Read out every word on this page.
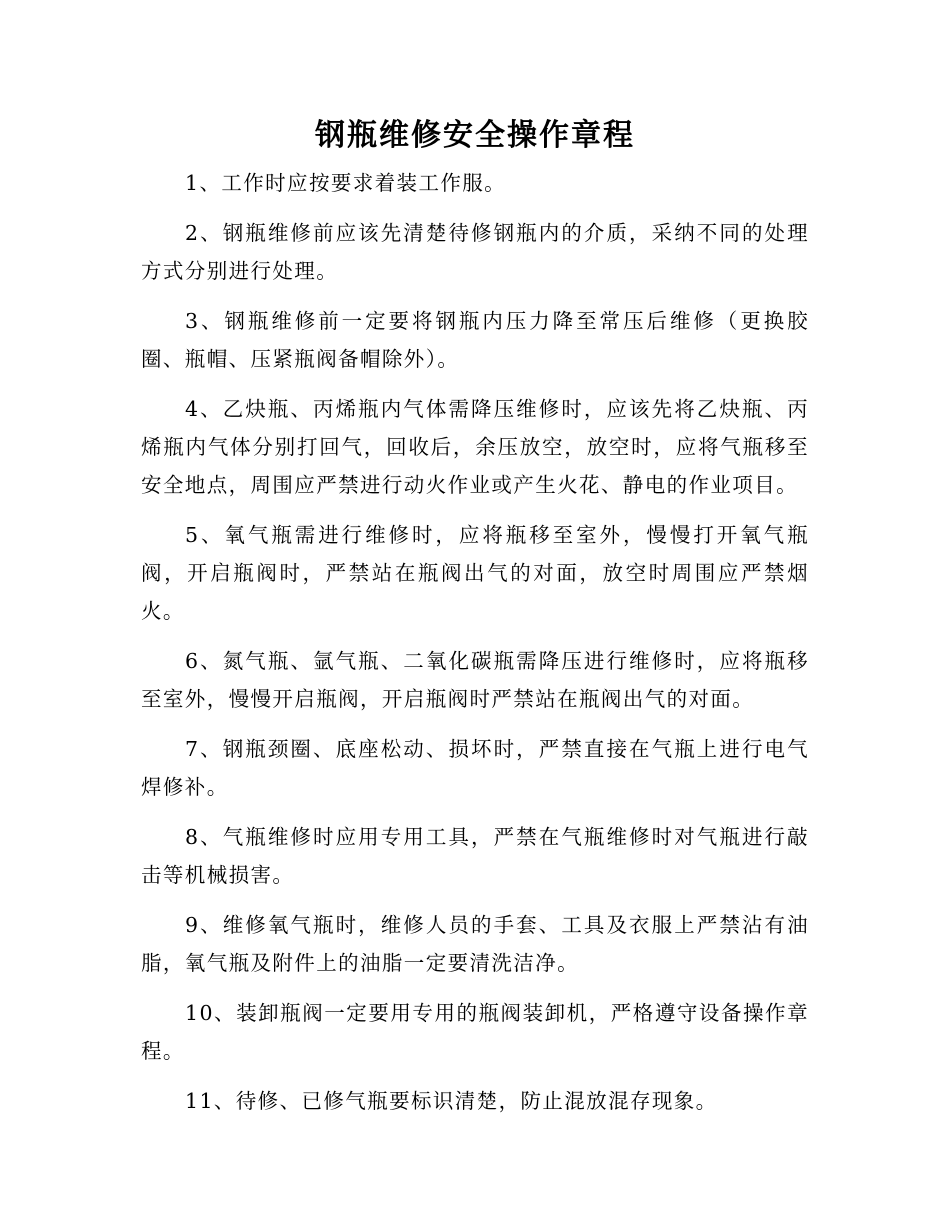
钢瓶维修安全操作章程

1、工作时应按要求着装工作服。

2、钢瓶维修前应该先清楚待修钢瓶内的介质，采纳不同的处理方式分别进行处理。

3、钢瓶维修前一定要将钢瓶内压力降至常压后维修（更换胶圈、瓶帽、压紧瓶阀备帽除外）。

4、乙炔瓶、丙烯瓶内气体需降压维修时，应该先将乙炔瓶、丙烯瓶内气体分别打回气，回收后，余压放空，放空时，应将气瓶移至安全地点，周围应严禁进行动火作业或产生火花、静电的作业项目。

5、氧气瓶需进行维修时，应将瓶移至室外，慢慢打开氧气瓶阀，开启瓶阀时，严禁站在瓶阀出气的对面，放空时周围应严禁烟火。

6、氮气瓶、氩气瓶、二氧化碳瓶需降压进行维修时，应将瓶移至室外，慢慢开启瓶阀，开启瓶阀时严禁站在瓶阀出气的对面。

7、钢瓶颈圈、底座松动、损坏时，严禁直接在气瓶上进行电气焊修补。

8、气瓶维修时应用专用工具，严禁在气瓶维修时对气瓶进行敲击等机械损害。

9、维修氧气瓶时，维修人员的手套、工具及衣服上严禁沾有油脂，氧气瓶及附件上的油脂一定要清洗洁净。

10、装卸瓶阀一定要用专用的瓶阀装卸机，严格遵守设备操作章程。

11、待修、已修气瓶要标识清楚，防止混放混存现象。
